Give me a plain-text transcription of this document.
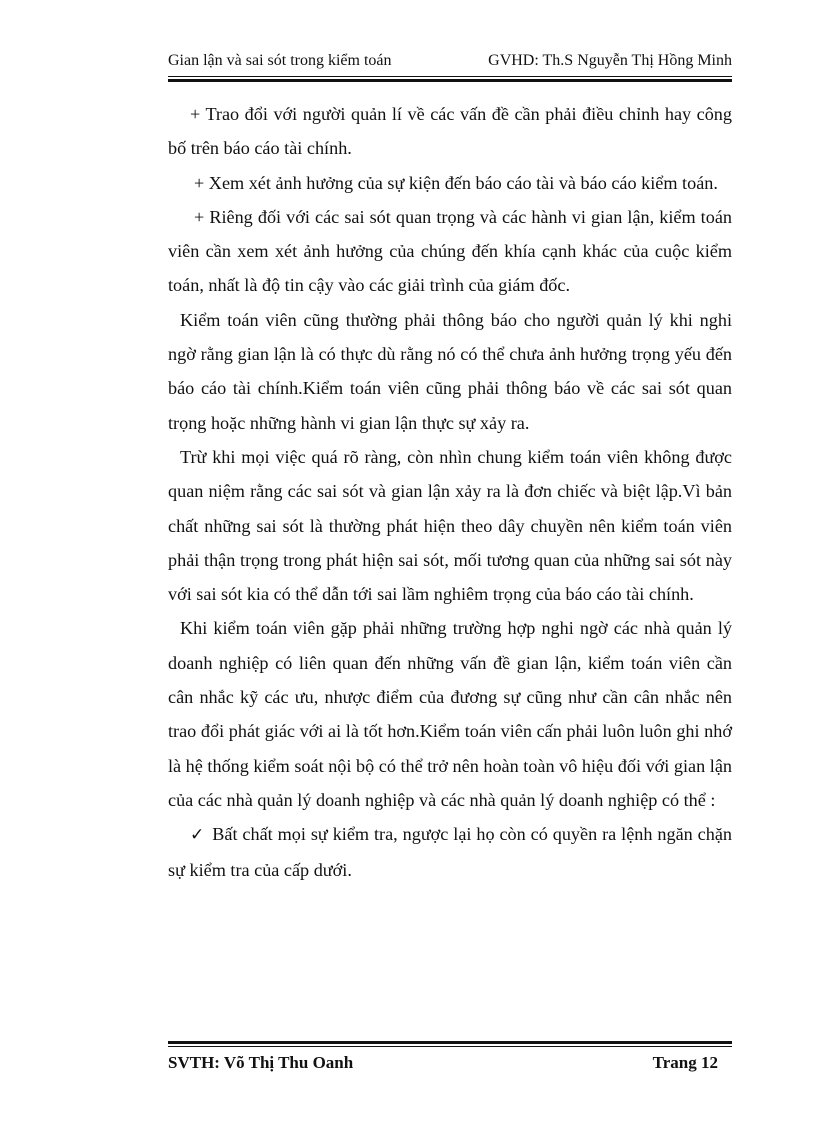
Gian lận và sai sót trong kiểm toán	GVHD: Th.S Nguyễn Thị Hồng Minh

+ Trao đổi với người quản lí về các vấn đề cần phải điều chỉnh hay công bố trên báo cáo tài chính.

+ Xem xét ảnh hưởng của sự kiện đến báo cáo tài và báo cáo kiểm toán.

+ Riêng đối với các sai sót quan trọng và các hành vi gian lận, kiểm toán viên cần xem xét ảnh hưởng của chúng đến khía cạnh khác của cuộc kiểm toán, nhất là độ tin cậy vào các giải trình của giám đốc.

Kiểm toán viên cũng thường phải thông báo cho người quản lý khi nghi ngờ rằng gian lận là có thực dù rằng nó có thể chưa ảnh hưởng trọng yếu đến báo cáo tài chính.Kiểm toán viên cũng phải thông báo về các sai sót quan trọng hoặc những hành vi gian lận thực sự xảy ra.

Trừ khi mọi việc quá rõ ràng, còn nhìn chung kiểm toán viên không được quan niệm rằng các sai sót và gian lận xảy ra là đơn chiếc và biệt lập.Vì bản chất những sai sót là thường phát hiện theo dây chuyền nên kiểm toán viên phải thận trọng trong phát hiện sai sót, mối tương quan của những sai sót này với sai sót kia có thể dẫn tới sai lầm nghiêm trọng của báo cáo tài chính.

Khi kiểm toán viên gặp phải những trường hợp nghi ngờ các nhà quản lý doanh nghiệp có liên quan đến những vấn đề gian lận, kiểm toán viên cần cân nhắc kỹ các ưu, nhược điểm của đương sự cũng như cần cân nhắc nên trao đổi phát giác với ai là tốt hơn.Kiểm toán viên cấn phải luôn luôn ghi nhớ là hệ thống kiểm soát nội bộ có thể trở nên hoàn toàn vô hiệu đối với gian lận của các nhà quản lý doanh nghiệp và các nhà quản lý doanh nghiệp có thể :

✓ Bất chất mọi sự kiểm tra, ngược lại họ còn có quyền ra lệnh ngăn chặn sự kiểm tra của cấp dưới.

SVTH: Võ Thị Thu Oanh	Trang 12
